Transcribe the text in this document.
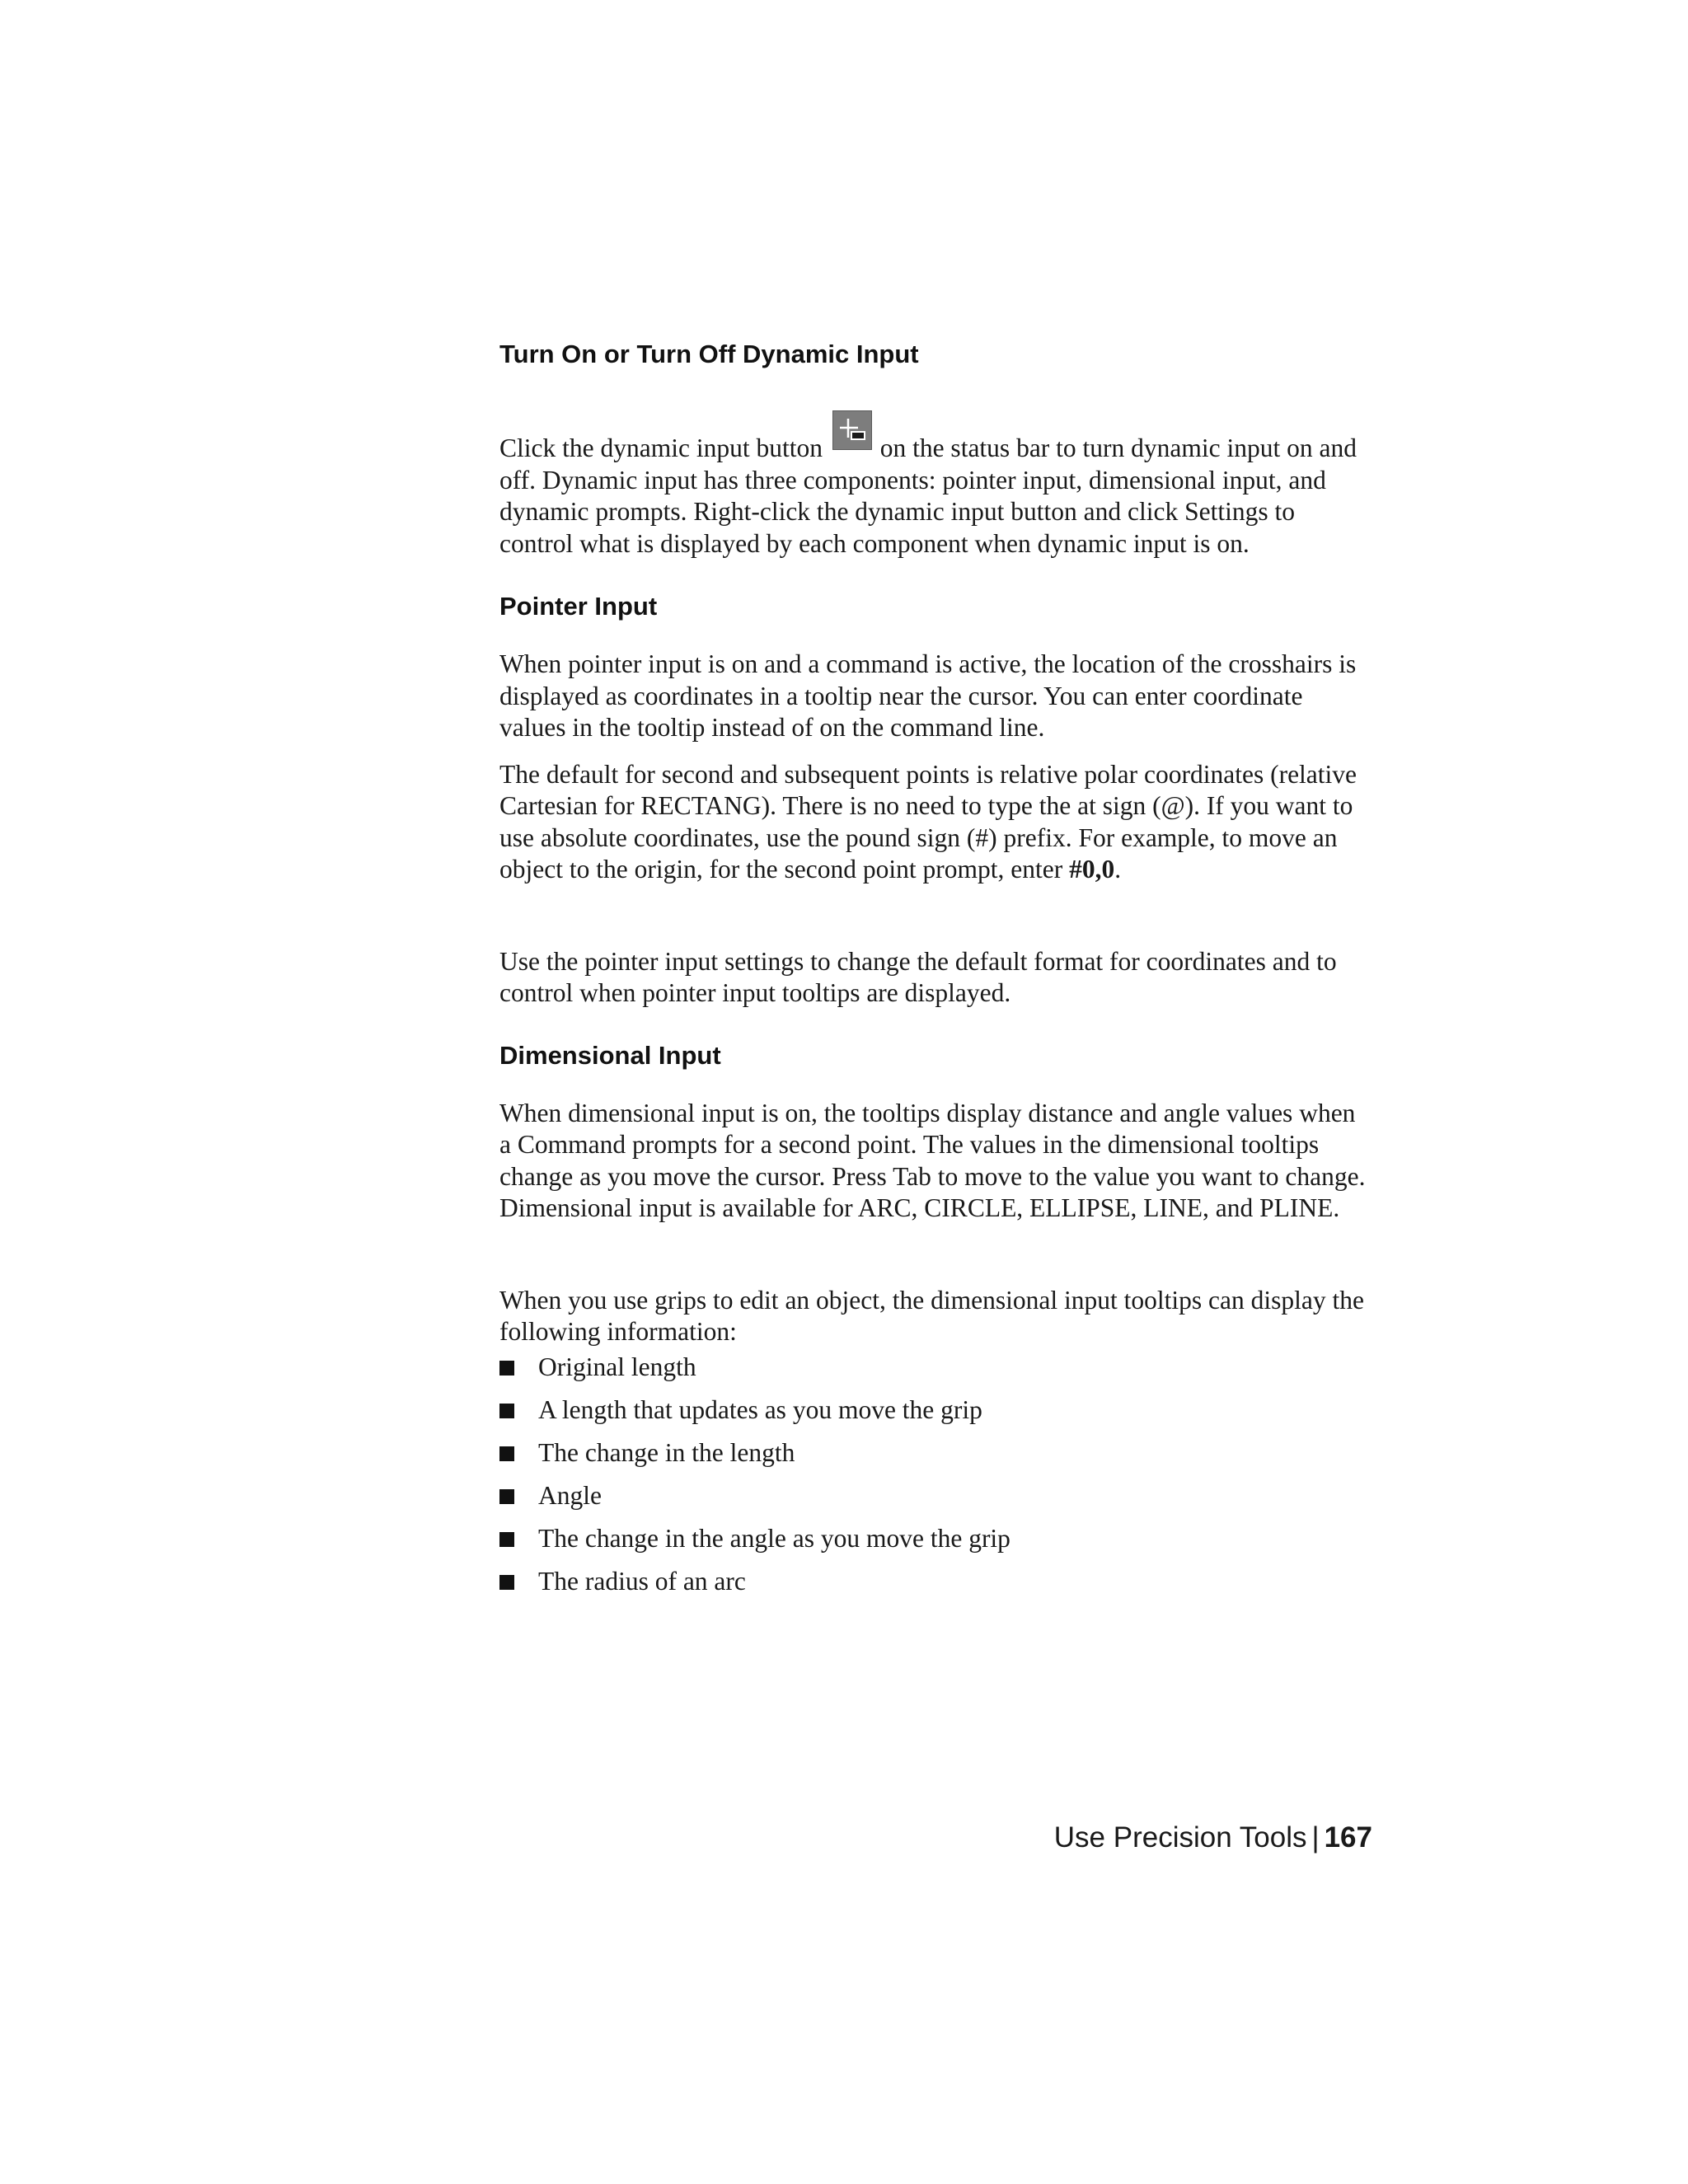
Turn On or Turn Off Dynamic Input

Click the dynamic input button on the status bar to turn dynamic input on and off. Dynamic input has three components: pointer input, dimensional input, and dynamic prompts. Right-click the dynamic input button and click Settings to control what is displayed by each component when dynamic input is on.

Pointer Input

When pointer input is on and a command is active, the location of the crosshairs is displayed as coordinates in a tooltip near the cursor. You can enter coordinate values in the tooltip instead of on the command line.

The default for second and subsequent points is relative polar coordinates (relative Cartesian for RECTANG). There is no need to type the at sign (@). If you want to use absolute coordinates, use the pound sign (#) prefix. For example, to move an object to the origin, for the second point prompt, enter #0,0.

Use the pointer input settings to change the default format for coordinates and to control when pointer input tooltips are displayed.

Dimensional Input

When dimensional input is on, the tooltips display distance and angle values when a Command prompts for a second point. The values in the dimensional tooltips change as you move the cursor. Press Tab to move to the value you want to change. Dimensional input is available for ARC, CIRCLE, ELLIPSE, LINE, and PLINE.

When you use grips to edit an object, the dimensional input tooltips can display the following information:

Original length
A length that updates as you move the grip
The change in the length
Angle
The change in the angle as you move the grip
The radius of an arc
Use Precision Tools | 167
